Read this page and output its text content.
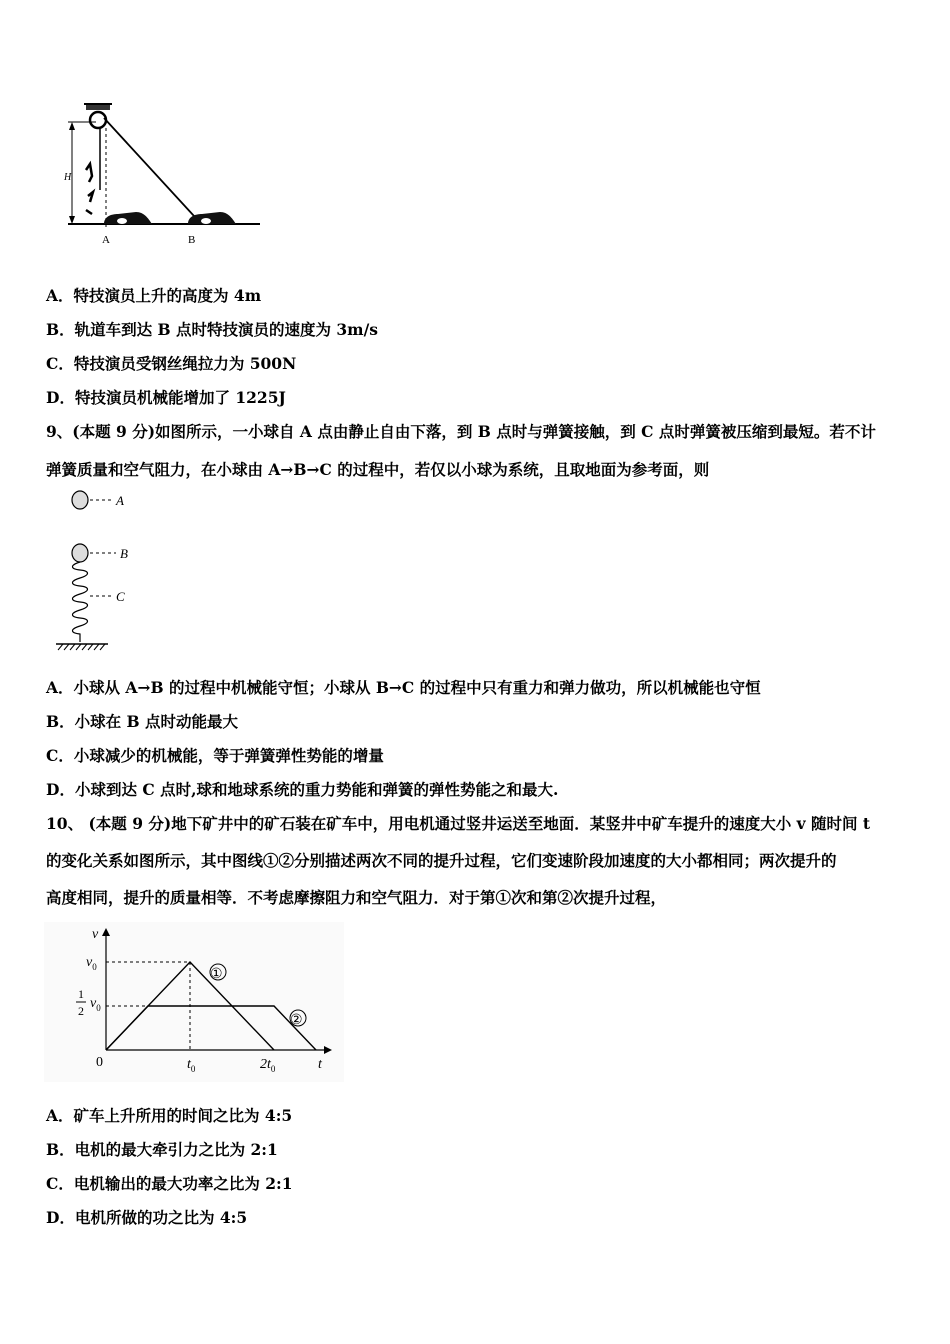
H
A	B
A．特技演员上升的高度为 4m
B．轨道车到达 B 点时特技演员的速度为 3m/s
C．特技演员受钢丝绳拉力为 500N
D．特技演员机械能增加了 1225J
9、(本题 9 分)如图所示，一小球自 A 点由静止自由下落，到 B 点时与弹簧接触，到 C 点时弹簧被压缩到最短。若不计
弹簧质量和空气阻力，在小球由 A→B→C 的过程中，若仅以小球为系统，且取地面为参考面，则
A
B
C
A．小球从 A→B 的过程中机械能守恒；小球从 B→C 的过程中只有重力和弹力做功，所以机械能也守恒
B．小球在 B 点时动能最大
C．小球减少的机械能，等于弹簧弹性势能的增量
D．小球到达 C 点时,球和地球系统的重力势能和弹簧的弹性势能之和最大.
10、 (本题 9 分)地下矿井中的矿石装在矿车中，用电机通过竖井运送至地面．某竖井中矿车提升的速度大小 v 随时间 t
的变化关系如图所示，其中图线①②分别描述两次不同的提升过程，它们变速阶段加速度的大小都相同；两次提升的
高度相同，提升的质量相等．不考虑摩擦阻力和空气阻力．对于第①次和第②次提升过程，
v
t
0
$v_0$
1
2 $v_0$
$t_0$	$2t_0$
①
②
A．矿车上升所用的时间之比为 4:5
B．电机的最大牵引力之比为 2:1
C．电机输出的最大功率之比为 2:1
D．电机所做的功之比为 4:5
